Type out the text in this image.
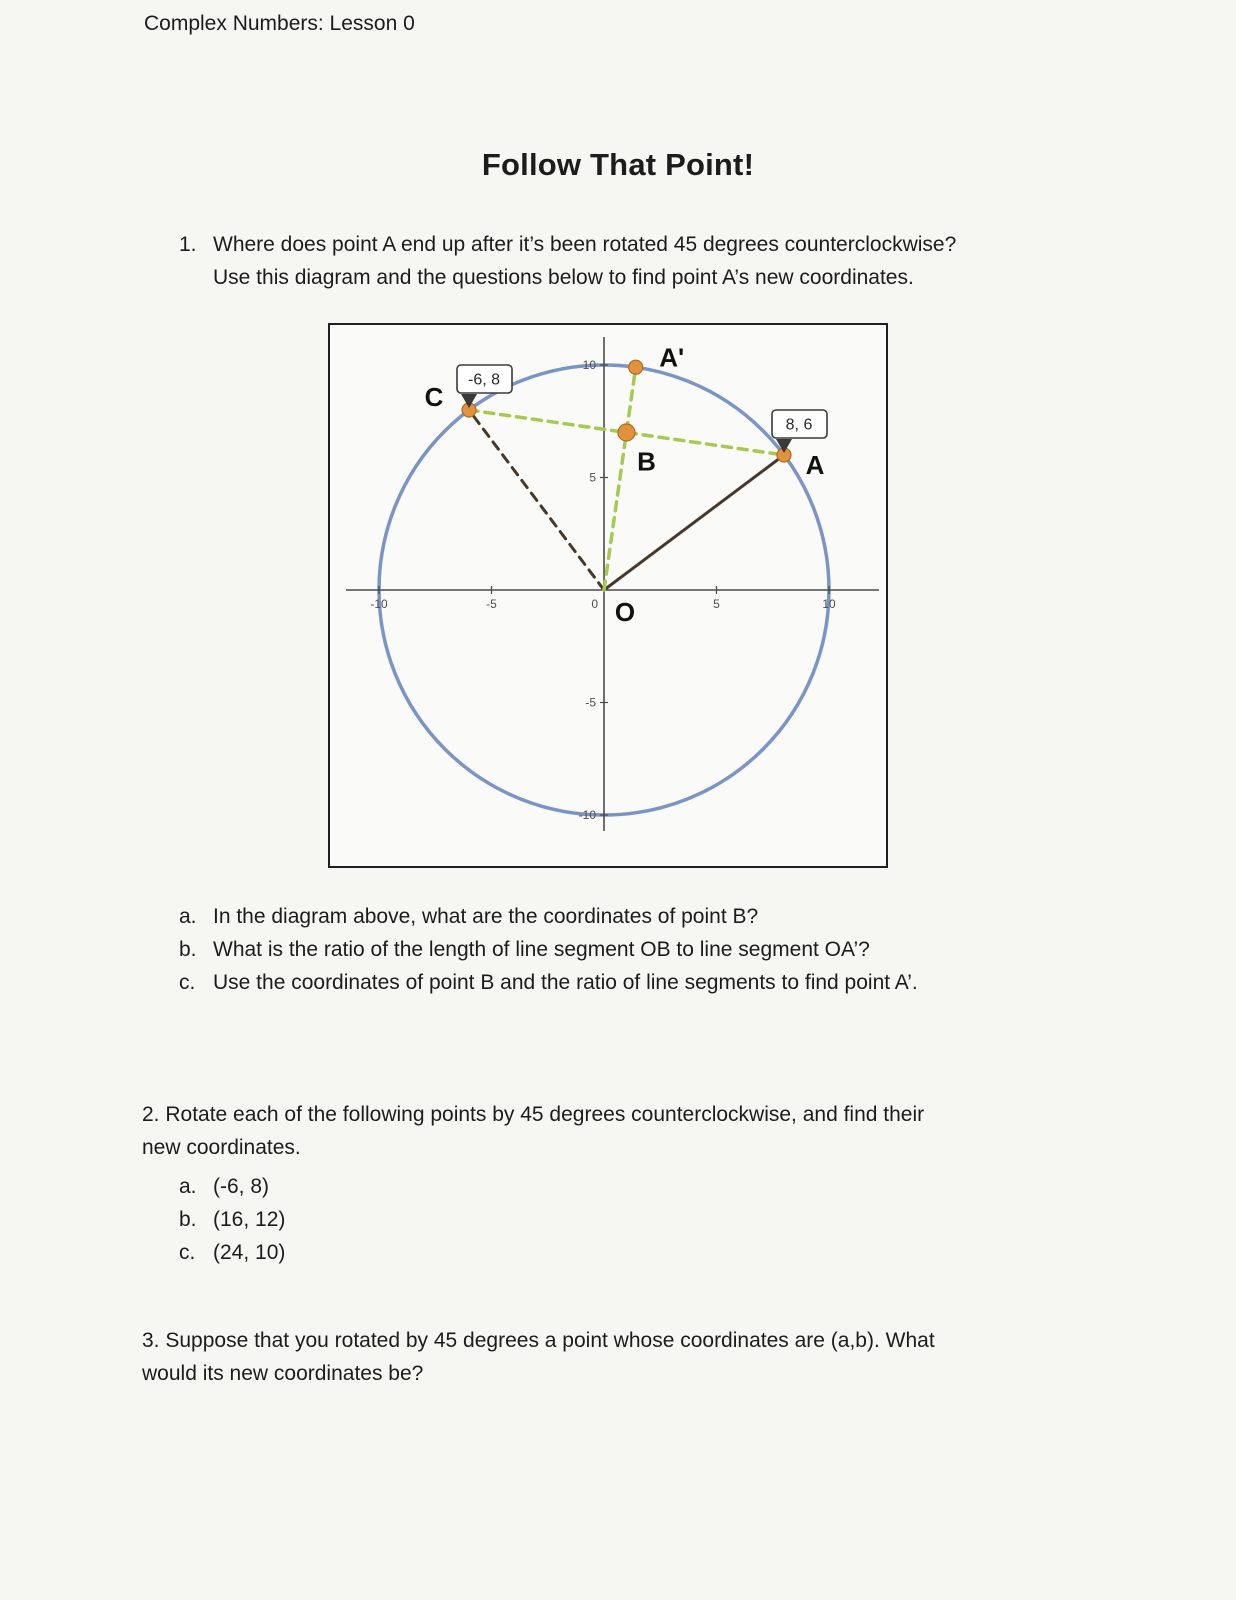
Complex Numbers: Lesson 0
Follow That Point!
1. Where does point A end up after it’s been rotated 45 degrees counterclockwise?
Use this diagram and the questions below to find point A’s new coordinates.
-10	-5	0	5	10
10
5
-5
-10
-6, 8
8, 6
A
B
C
A'
O
a. In the diagram above, what are the coordinates of point B?
b. What is the ratio of the length of line segment OB to line segment OA’?
c. Use the coordinates of point B and the ratio of line segments to find point A’.
2. Rotate each of the following points by 45 degrees counterclockwise, and find their
new coordinates.
a. (-6, 8)
b. (16, 12)
c. (24, 10)
3. Suppose that you rotated by 45 degrees a point whose coordinates are (a,b). What
would its new coordinates be?
